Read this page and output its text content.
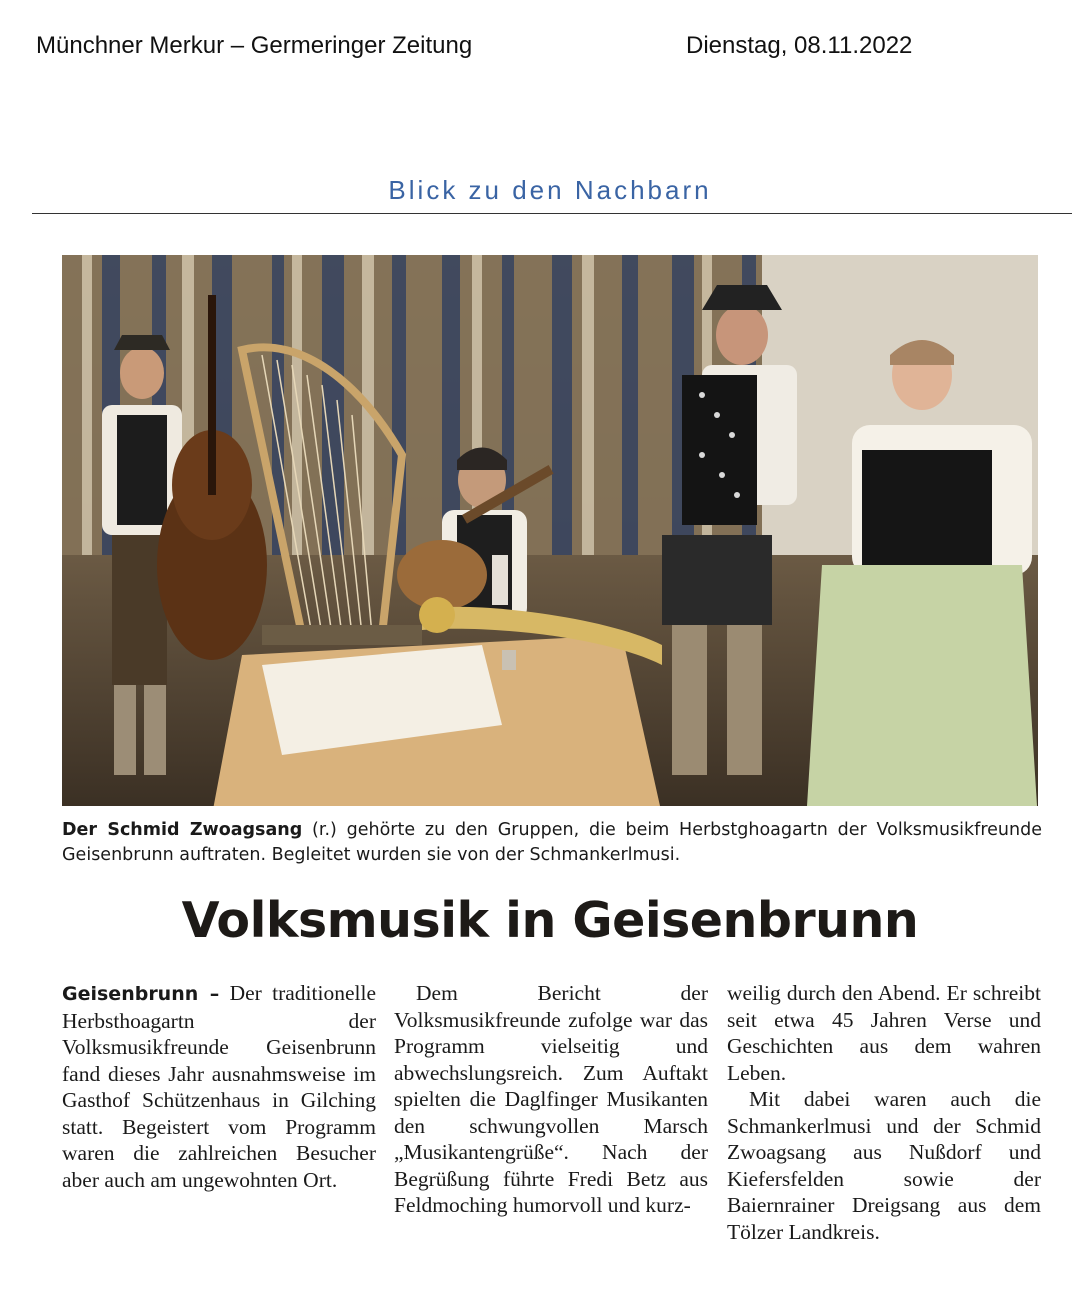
Münchner Merkur – Germeringer Zeitung	Dienstag, 08.11.2022
Blick zu den Nachbarn
Der Schmid Zwoagsang (r.) gehörte zu den Gruppen, die beim Herbstghoagartn der Volksmusikfreunde Geisenbrunn auftraten. Begleitet wurden sie von der Schmankerlmusi.
Volksmusik in Geisenbrunn

Geisenbrunn – Der traditionelle Herbsthoagartn der Volksmusikfreunde Geisenbrunn fand dieses Jahr ausnahmsweise im Gasthof Schützenhaus in Gilching statt. Begeistert vom Programm waren die zahlreichen Besucher aber auch am ungewohnten Ort.

Dem Bericht der Volksmusikfreunde zufolge war das Programm vielseitig und abwechslungsreich. Zum Auftakt spielten die Daglfinger Musikanten den schwungvollen Marsch „Musikantengrüße“. Nach der Begrüßung führte Fredi Betz aus Feldmoching humorvoll und kurz-

weilig durch den Abend. Er schreibt seit etwa 45 Jahren Verse und Geschichten aus dem wahren Leben.

Mit dabei waren auch die Schmankerlmusi und der Schmid Zwoagsang aus Nußdorf und Kiefersfelden sowie der Baiernrainer Dreigsang aus dem Tölzer Landkreis.
